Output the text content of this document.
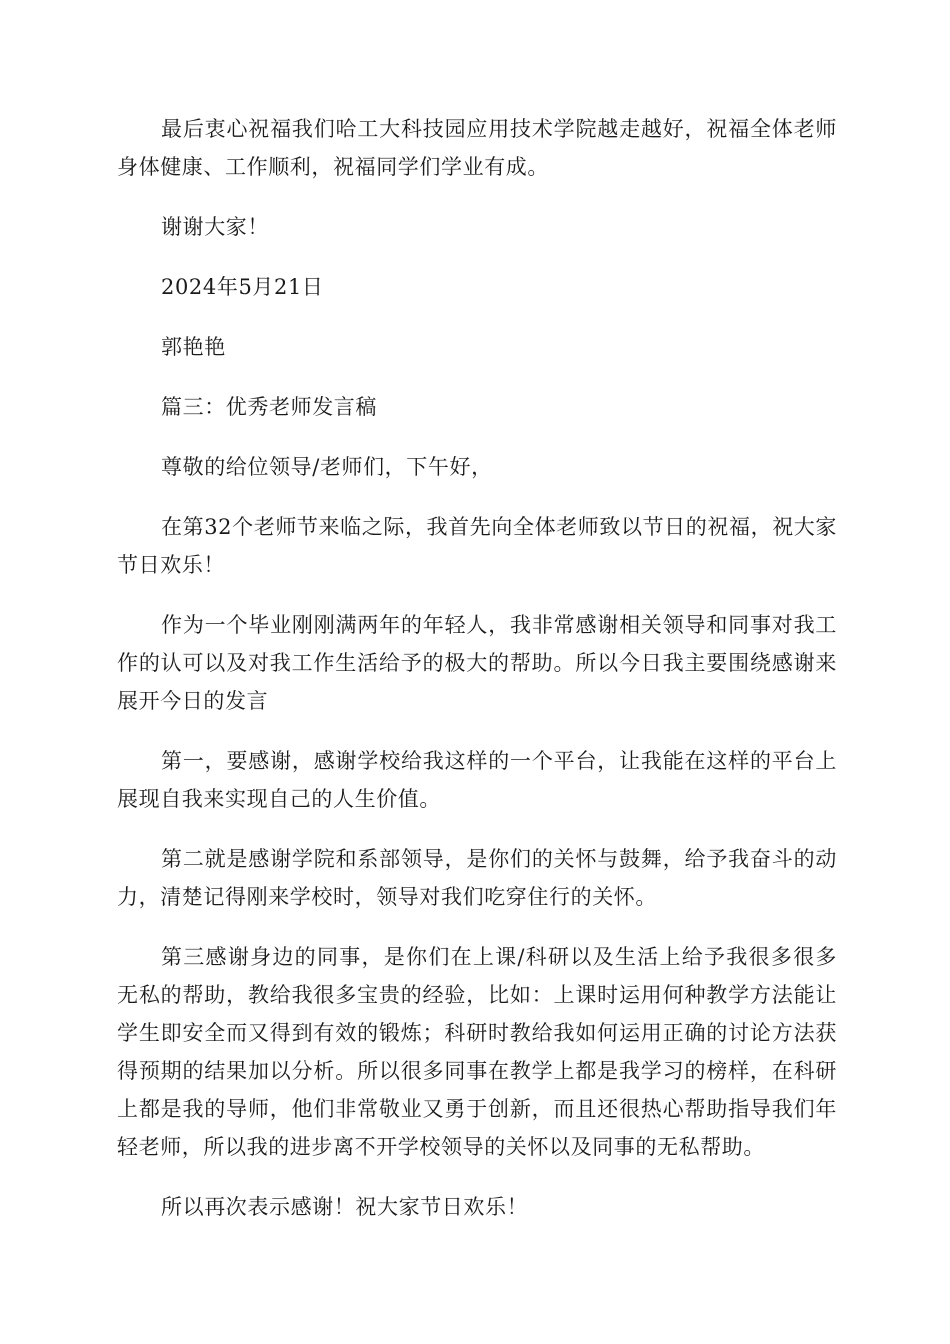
最后衷心祝福我们哈工大科技园应用技术学院越走越好，祝福全体老师身体健康、工作顺利，祝福同学们学业有成。

谢谢大家！

2024年5月21日

郭艳艳

篇三：优秀老师发言稿

尊敬的给位领导/老师们，下午好，

在第32个老师节来临之际，我首先向全体老师致以节日的祝福，祝大家节日欢乐！

作为一个毕业刚刚满两年的年轻人，我非常感谢相关领导和同事对我工作的认可以及对我工作生活给予的极大的帮助。所以今日我主要围绕感谢来展开今日的发言

第一，要感谢，感谢学校给我这样的一个平台，让我能在这样的平台上展现自我来实现自己的人生价值。

第二就是感谢学院和系部领导，是你们的关怀与鼓舞，给予我奋斗的动力，清楚记得刚来学校时，领导对我们吃穿住行的关怀。

第三感谢身边的同事，是你们在上课/科研以及生活上给予我很多很多无私的帮助，教给我很多宝贵的经验，比如：上课时运用何种教学方法能让学生即安全而又得到有效的锻炼；科研时教给我如何运用正确的讨论方法获得预期的结果加以分析。所以很多同事在教学上都是我学习的榜样，在科研上都是我的导师，他们非常敬业又勇于创新，而且还很热心帮助指导我们年轻老师，所以我的进步离不开学校领导的关怀以及同事的无私帮助。

所以再次表示感谢！祝大家节日欢乐！
